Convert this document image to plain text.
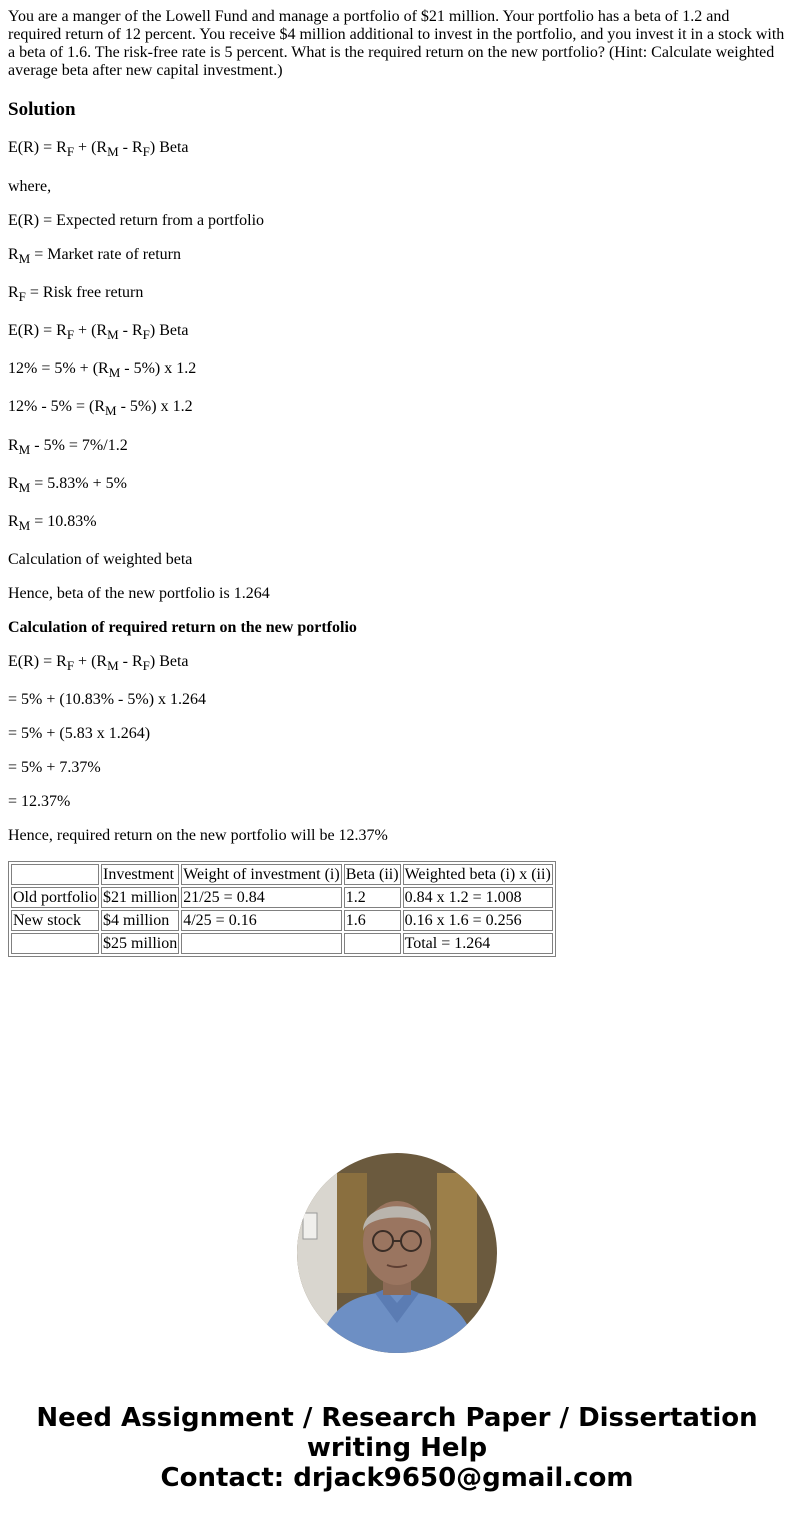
You are a manger of the Lowell Fund and manage a portfolio of $21 million. Your portfolio has a beta of 1.2 and required return of 12 percent. You receive $4 million additional to invest in the portfolio, and you invest it in a stock with a beta of 1.6. The risk-free rate is 5 percent. What is the required return on the new portfolio? (Hint: Calculate weighted average beta after new capital investment.)

Solution

$E(R) = R_F + (R_M - R_F)$ Beta

where,

E(R) = Expected return from a portfolio

$R_M$ = Market rate of return

$R_F$ = Risk free return

$E(R) = R_F + (R_M - R_F)$ Beta

$12\% = 5\% + (R_M - 5\%)$ x 1.2

$12\% - 5\% = (R_M - 5\%)$ x 1.2

$R_M - 5\% = 7\%/1.2$

$R_M = 5.83\% + 5\%$

$R_M = 10.83\%$

Calculation of weighted beta

Hence, beta of the new portfolio is 1.264

Calculation of required return on the new portfolio

$E(R) = R_F + (R_M - R_F)$ Beta

= 5% + (10.83% - 5%) x 1.264

= 5% + (5.83 x 1.264)

= 5% + 7.37%

= 12.37%

Hence, required return on the new portfolio will be 12.37%

	Investment	Weight of investment (i)	Beta (ii)	Weighted beta (i) x (ii)
Old portfolio	$21 million	21/25 = 0.84	1.2	0.84 x 1.2 = 1.008
New stock	$4 million	4/25 = 0.16	1.6	0.16 x 1.6 = 0.256
	$25 million			Total = 1.264

Need Assignment / Research Paper / Dissertation
writing Help
Contact: drjack9650@gmail.com
